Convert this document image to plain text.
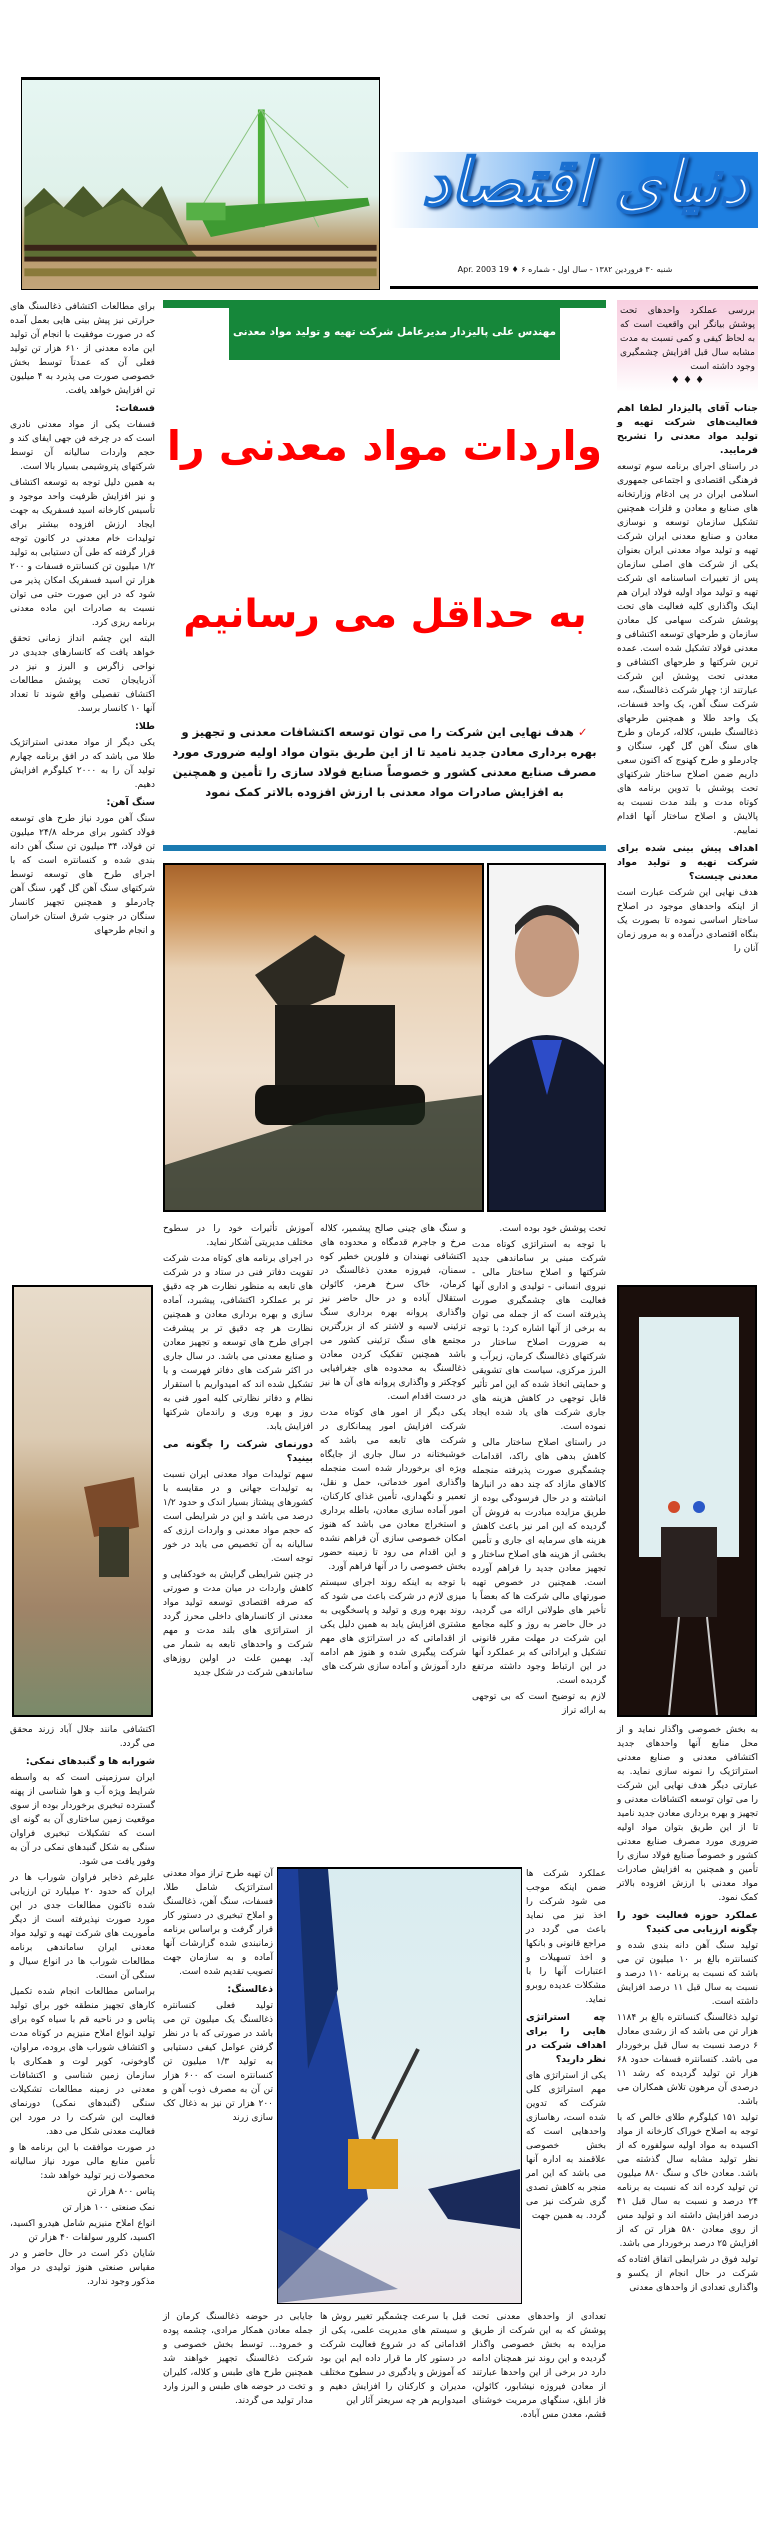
دنیای اقتصاد
شنبه ۳۰ فروردین ۱۳۸۲ - سال اول - شماره ۶ ♦ 19 Apr. 2003
مهندس علی پالیزدار مدیرعامل شرکت تهیه و تولید مواد معدنی
بررسی عملکرد واحدهای تحت پوشش بیانگر این واقعیت است که به لحاظ کیفی و کمی نسبت به مدت مشابه سال قبل افزایش چشمگیری وجود داشته است
♦ ♦ ♦
واردات مواد معدنی را
به حداقل می رسانیم
✓ هدف نهایی این شرکت را می توان توسعه اکتشافات معدنی و تجهیز و بهره برداری معادن جدید نامید تا از این طریق بتوان مواد اولیه ضروری مورد مصرف صنایع معدنی کشور و خصوصاً صنایع فولاد سازی را تأمین و همچنین به افزایش صادرات مواد معدنی با ارزش افزوده بالاتر کمک نمود
جناب آقای پالیزدار لطفا اهم فعالیت‌های شرکت تهیه و تولید مواد معدنی را تشریح فرمایید.

در راستای اجرای برنامه سوم توسعه فرهنگی اقتصادی و اجتماعی جمهوری اسلامی ایران در پی ادغام وزارتخانه های صنایع و معادن و فلزات همچنین تشکیل سازمان توسعه و نوسازی معادن و صنایع معدنی ایران شرکت تهیه و تولید مواد معدنی ایران بعنوان یکی از شرکت های اصلی سازمان پس از تغییرات اساسنامه ای شرکت تهیه و تولید مواد اولیه فولاد ایران هم اینک واگذاری کلیه فعالیت های تحت پوشش شرکت سهامی کل معادن سازمان و طرحهای توسعه اکتشافی و معدنی فولاد تشکیل شده است. عمده ترین شرکتها و طرحهای اکتشافی و معدنی تحت پوشش این شرکت عبارتند از: چهار شرکت ذغالسنگ، سه شرکت سنگ آهن، یک واحد فسفات، یک واحد طلا و همچنین طرحهای ذغالسنگ طبس، کلاله، کرمان و طرح های سنگ آهن گل گهر، سنگان و چادرملو و طرح کهنوج که اکنون سعی داریم ضمن اصلاح ساختار شرکتهای تحت پوشش با تدوین برنامه های کوتاه مدت و بلند مدت نسبت به پالایش و اصلاح ساختار آنها اقدام نماییم.

اهداف پیش بینی شده برای شرکت تهیه و تولید مواد معدنی چیست؟

هدف نهایی این شرکت عبارت است از اینکه واحدهای موجود در اصلاح ساختار اساسی نموده تا بصورت یک بنگاه اقتصادی درآمده و به مرور زمان آنان را

به بخش خصوصی واگذار نماید و از محل منابع آنها واحدهای جدید اکتشافی معدنی و صنایع معدنی استراتژیک را نمونه سازی نماید. به عبارتی دیگر هدف نهایی این شرکت را می توان توسعه اکتشافات معدنی و تجهیز و بهره برداری معادن جدید نامید تا از این طریق بتوان مواد اولیه ضروری مورد مصرف صنایع معدنی کشور و خصوصاً صنایع فولاد سازی را تأمین و همچنین به افزایش صادرات مواد معدنی با ارزش افزوده بالاتر کمک نمود.

عملکرد حوزه فعالیت خود را چگونه ارزیابی می کنید؟

تولید سنگ آهن دانه بندی شده و کنسانتره بالغ بر ۱۰ میلیون تن می باشد که نسبت به برنامه ۱۱۰ درصد و نسبت به سال قبل ۱۱ درصد افزایش داشته است.

تولید ذغالسنگ کنسانتره بالغ بر ۱۱۸۴ هزار تن می باشد که از رشدی معادل ۶ درصد نسبت به سال قبل برخوردار می باشد. کنسانتره فسفات حدود ۶۸ هزار تن تولید گردیده که رشد ۱۱ درصدی آن مرهون تلاش همکاران می باشد.

تولید ۱۵۱ کیلوگرم طلای خالص که با توجه به اصلاح خوراک کارخانه از مواد اکسیده به مواد اولیه سولفوره که از نظر تولید مشابه سال گذشته می باشد. معادن خاک و سنگ ۸۸۰ میلیون تن تولید کرده اند که نسبت به برنامه ۲۴ درصد و نسبت به سال قبل ۴۱ درصد افزایش داشته اند و تولید مس از روی معادن ۵۸۰ هزار تن که از افزایش ۲۵ درصد برخوردار می باشد.

تولید فوق در شرایطی اتفاق افتاده که شرکت در حال انجام از یکسو و واگذاری تعدادی از واحدهای معدنی

برای مطالعات اکتشافی ذغالسنگ های حرارتی نیز پیش بینی هایی بعمل آمده که در صورت موفقیت با انجام آن تولید این ماده معدنی از ۶۱۰ هزار تن تولید فعلی آن که عمدتاً توسط بخش خصوصی صورت می پذیرد به ۴ میلیون تن افزایش خواهد یافت.

فسفات:

فسفات یکی از مواد معدنی نادری است که در چرخه فن جهی ایفای کند و حجم واردات سالیانه آن توسط شرکتهای پتروشیمی بسیار بالا است.

به همین دلیل توجه به توسعه اکتشاف و نیز افزایش ظرفیت واحد موجود و تأسیس کارخانه اسید فسفریک به جهت ایجاد ارزش افزوده بیشتر برای تولیدات خام معدنی در کانون توجه قرار گرفته که طی آن دستیابی به تولید ۱/۲ میلیون تن کنسانتره فسفات و ۲۰۰ هزار تن اسید فسفریک امکان پذیر می شود که در این صورت حتی می توان نسبت به صادرات این ماده معدنی برنامه ریزی کرد.

البته این چشم انداز زمانی تحقق خواهد یافت که کانسارهای جدیدی در نواحی زاگرس و البرز و نیز در آذربایجان تحت پوشش مطالعات اکتشاف تفصیلی واقع شوند تا تعداد آنها ۱۰ کانسار برسد.

طلا:

یکی دیگر از مواد معدنی استراتژیک طلا می باشد که در افق برنامه چهارم تولید آن را به ۲۰۰۰ کیلوگرم افزایش دهیم.

سنگ آهن:

سنگ آهن مورد نیاز طرح های توسعه فولاد کشور برای مرحله ۲۴/۸ میلیون تن فولاد، ۳۴ میلیون تن سنگ آهن دانه بندی شده و کنسانتره است که با اجرای طرح های توسعه توسط شرکتهای سنگ آهن گل گهر، سنگ آهن چادرملو و همچنین تجهیز کانسار سنگان در جنوب شرق استان خراسان و انجام طرحهای

اکتشافی مانند جلال آباد زرند محقق می گردد.

شورابه ها و گنبدهای نمکی:

ایران سرزمینی است که به واسطه شرایط ویژه آب و هوا شناسی از پهنه گسترده تبخیری برخوردار بوده از سوی موقعیت زمین ساختاری آن به گونه ای است که تشکیلات تبخیری فراوان سنگی به شکل گنبدهای نمکی در آن به وفور یافت می شود.

علیرغم ذخایر فراوان شوراب ها در ایران که حدود ۲۰ میلیارد تن ارزیابی شده تاکنون مطالعات جدی در این مورد صورت نپذیرفته است از دیگر مأموریت های شرکت تهیه و تولید مواد معدنی ایران ساماندهی برنامه مطالعات شوراب ها در انواع سیال و سنگی آن است.

براساس مطالعات انجام شده تکمیل کارهای تجهیز منطقه خور برای تولید پتاس و در ناحیه قم با سیاه کوه برای تولید انواع املاح منیزیم در کوتاه مدت و اکتشاف شوراب های بروده، مراوان، گاوخونی، کویر لوت و همکاری با سازمان زمین شناسی و اکتشافات معدنی در زمینه مطالعات تشکیلات سنگی (گنبدهای نمکی) دورنمای فعالیت این شرکت را در مورد این فعالیت معدنی شکل می دهد.

در صورت موافقت با این برنامه ها و تأمین منابع مالی مورد نیاز سالیانه محصولات زیر تولید خواهد شد:

پتاس ۸۰۰ هزار تن

نمک صنعتی ۱۰۰ هزار تن

انواع املاح منیزیم شامل هیدرو اکسید، اکسید، کلرور سولفات ۴۰ هزار تن

شایان ذکر است در حال حاضر و در مقیاس صنعتی هنوز تولیدی در مواد مذکور وجود ندارد.

تحت پوشش خود بوده است.

با توجه به استراتژی کوتاه مدت شرکت مبنی بر ساماندهی جدید شرکتها و اصلاح ساختار مالی - نیروی انسانی - تولیدی و اداری آنها فعالیت های چشمگیری صورت پذیرفته است که از جمله می توان به برخی از آنها اشاره کرد: با توجه به ضرورت اصلاح ساختار در شرکتهای ذغالسنگ کرمان، زیرآب و البرز مرکزی، سیاست های تشویقی و حمایتی اتخاذ شده که این امر تأثیر قابل توجهی در کاهش هزینه های جاری شرکت های یاد شده ایجاد نموده است.

در راستای اصلاح ساختار مالی و کاهش بدهی های راکد، اقدامات چشمگیری صورت پذیرفته منجمله کالاهای مازاد که چند دهه در انبارها انباشته و در حال فرسودگی بوده از طریق مزایده مبادرت به فروش آن گردیده که این امر نیز باعث کاهش هزینه های سرمایه ای جاری و تأمین بخشی از هزینه های اصلاح ساختار و تجهیز معادن جدید را فراهم آورده است. همچنین در خصوص تهیه صورتهای مالی شرکت ها که بعضاً با تأخیر های طولانی ارائه می گردید، در حال حاضر به روز و کلیه مجامع این شرکت در مهلت مقرر قانونی تشکیل و ایراداتی که بر عملکرد آنها در این ارتباط وجود داشته مرتفع گردیده است.

لازم به توضیح است که بی توجهی به ارائه تراز

و سنگ های چینی صالح پیشمیر، کلاله مرخ و جاجرم قدمگاه و محدوده های اکتشافی نهبندان و فلورین خطیر کوه سمنان، فیروزه معدن ذغالسنگ در کرمان، خاک سرخ هرمز، کائولن استقلال آباده و در حال حاضر نیز واگذاری پروانه بهره برداری سنگ تزئینی لاسیه و لاشتر که از بزرگترین مجتمع های سنگ تزئینی کشور می باشد همچنین تفکیک کردن معادن ذغالسنگ به محدوده های جغرافیایی کوچکتر و واگذاری پروانه های آن ها نیز در دست اقدام است.

یکی دیگر از امور های کوتاه مدت شرکت افزایش امور پیمانکاری در شرکت های تابعه می باشد که خوشبختانه در سال جاری از جایگاه ویژه ای برخوردار شده است منجمله واگذاری امور خدماتی، حمل و نقل، تعمیر و نگهداری، تأمین غذای کارکنان، امور آماده سازی معادن، باطله برداری و استخراج معادن می باشد که هنوز امکان خصوصی سازی آن فراهم نشده و این اقدام می رود تا زمینه حضور بخش خصوصی را در آنها فراهم آورد.

با توجه به اینکه روند اجرای سیستم میزی لازم در شرکت باعث می شود که روند بهره وری و تولید و پاسخگویی به مشتری افزایش یابد به همین دلیل یکی از اقداماتی که در استراتژی های مهم شرکت پیگیری شده و هنوز هم ادامه دارد آموزش و آماده سازی شرکت های

آموزش تأثیرات خود را در سطوح مختلف مدیریتی آشکار نماید.

در اجرای برنامه های کوتاه مدت شرکت تقویت دفاتر فنی در ستاد و در شرکت های تابعه به منظور نظارت هر چه دقیق تر بر عملکرد اکتشافی، پیشبرد، آماده سازی و بهره برداری معادن و همچنین نظارت هر چه دقیق تر بر پیشرفت اجرای طرح های توسعه و تجهیز معادن و صنایع معدنی می باشد. در سال جاری در اکثر شرکت های دفاتر فهرست و یا تشکیل شده اند که امیدواریم با استقرار نظام و دفاتر نظارتی کلیه امور فنی به روز و بهره وری و راندمان شرکتها افزایش یابد.

دورنمای شرکت را چگونه می بینید؟

سهم تولیدات مواد معدنی ایران نسبت به تولیدات جهانی و در مقایسه با کشورهای پیشتاز بسیار اندک و حدود ۱/۲ درصد می باشد و این در شرایطی است که حجم مواد معدنی و واردات ارزی که سالیانه به آن تخصیص می یابد در خور توجه است.

در چنین شرایطی گرایش به خودکفایی و کاهش واردات در میان مدت و صورتی که صرفه اقتصادی توسعه تولید مواد معدنی از کانسارهای داخلی محرز گردد از استراتژی های بلند مدت و مهم شرکت و واحدهای تابعه به شمار می آید. بهمین علت در اولین روزهای ساماندهی شرکت در شکل جدید

عملکرد شرکت ها ضمن اینکه موجب می شود شرکت را اخذ نیز می نماید باعث می گردد در مراجع قانونی و بانکها و اخذ تسهیلات و اعتبارات آنها را با مشکلات عدیده روبرو نماید.

چه استراتژی هایی را برای اهداف شرکت در نظر دارید؟

یکی از استراتژی های مهم استراتژی کلی شرکت که تدوین شده است، رهاسازی واحدهایی است که بخش خصوصی علاقمند به اداره آنها می باشد که این امر منجر به کاهش تصدی گری شرکت نیز می گردد. به همین جهت

آن تهیه طرح تراز مواد معدنی استراتژیک شامل طلا، فسفات، سنگ آهن، ذغالسنگ و املاح تبخیری در دستور کار قرار گرفت و براساس برنامه زمانبندی شده گزارشات آنها آماده و به سازمان جهت تصویب تقدیم شده است.

ذغالسنگ:

تولید فعلی کنسانتره ذغالسنگ یک میلیون تن می باشد در صورتی که با در نظر گرفتن عوامل کیفی دستیابی به تولید ۱/۳ میلیون تن کنسانتره است که ۶۰۰ هزار تن آن به مصرف ذوب آهن و ۲۰۰ هزار تن نیز به ذغال کک سازی زرند

تعدادی از واحدهای معدنی تحت پوشش که به این شرکت از طریق مزایده به بخش خصوصی واگذار گردیده و این روند نیز همچنان ادامه دارد در برخی از این واحدها عبارتند از معادن فیروزه نیشابور، کائولن، فاز ابلق، سنگهای مرمریت خوشنای قشم، معدن مس آباده.

قبل با سرعت چشمگیر تغییر روش ها و سیستم های مدیریت علمی، یکی از اقداماتی که در شروع فعالیت شرکت در دستور کار ما قرار داده ایم این بود که آموزش و یادگیری در سطوح مختلف مدیران و کارکنان را افزایش دهیم و امیدواریم هر چه سریعتر آثار این

جایابی در حوضه ذغالسنگ کرمان از جمله معادن همکار مرادی، چشمه پوده و خمرود... توسط بخش خصوصی و شرکت ذغالسنگ تجهیز خواهند شد همچنین طرح های طبس و کلاله، کلیران و تخت در حوضه های طبس و البرز وارد مدار تولید می گردند.
